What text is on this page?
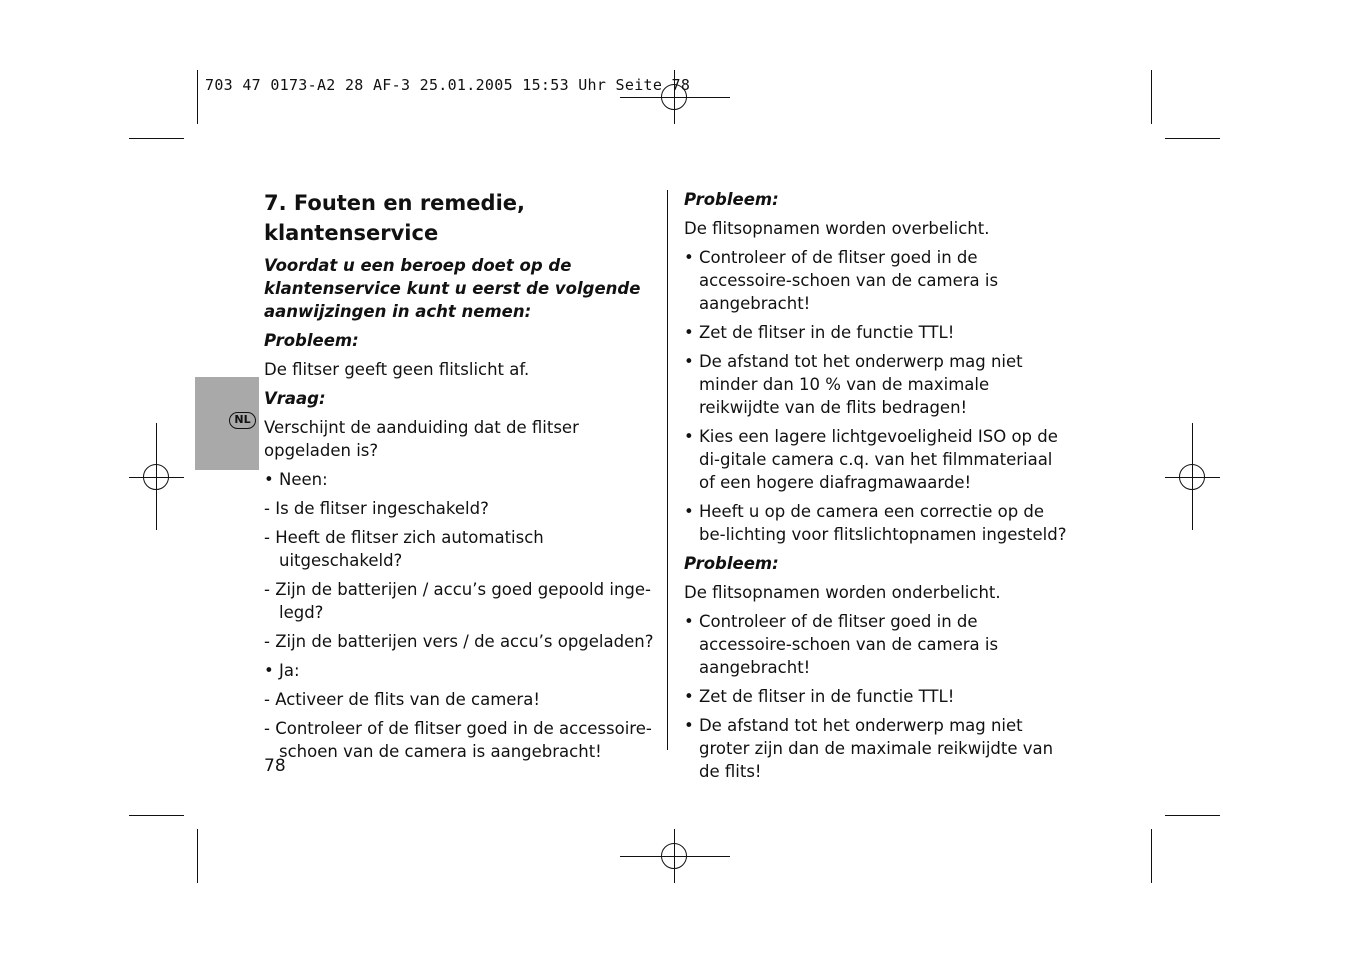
703 47 0173-A2 28 AF-3 25.01.2005 15:53 Uhr Seite 78
NL
7. Fouten en remedie, klantenservice

Voordat u een beroep doet op de klantenservice kunt u eerst de volgende aanwijzingen in acht nemen:

Probleem:

De flitser geeft geen flitslicht af.

Vraag:

Verschijnt de aanduiding dat de flitser opgeladen is?

• Neen:

- Is de flitser ingeschakeld?

- Heeft de flitser zich automatisch uitgeschakeld?

- Zijn de batterijen / accu’s goed gepoold inge-legd?

- Zijn de batterijen vers / de accu’s opgeladen?

• Ja:

- Activeer de flits van de camera!

- Controleer of de flitser goed in de accessoire-schoen van de camera is aangebracht!

Probleem:

De flitsopnamen worden overbelicht.

• Controleer of de flitser goed in de accessoire-schoen van de camera is aangebracht!

• Zet de flitser in de functie TTL!

• De afstand tot het onderwerp mag niet minder dan 10 % van de maximale reikwijdte van de flits bedragen!

• Kies een lagere lichtgevoeligheid ISO op de di-gitale camera c.q. van het filmmateriaal of een hogere diafragmawaarde!

• Heeft u op de camera een correctie op de be-lichting voor flitslichtopnamen ingesteld?

Probleem:

De flitsopnamen worden onderbelicht.

• Controleer of de flitser goed in de accessoire-schoen van de camera is aangebracht!

• Zet de flitser in de functie TTL!

• De afstand tot het onderwerp mag niet groter zijn dan de maximale reikwijdte van de flits!

78
